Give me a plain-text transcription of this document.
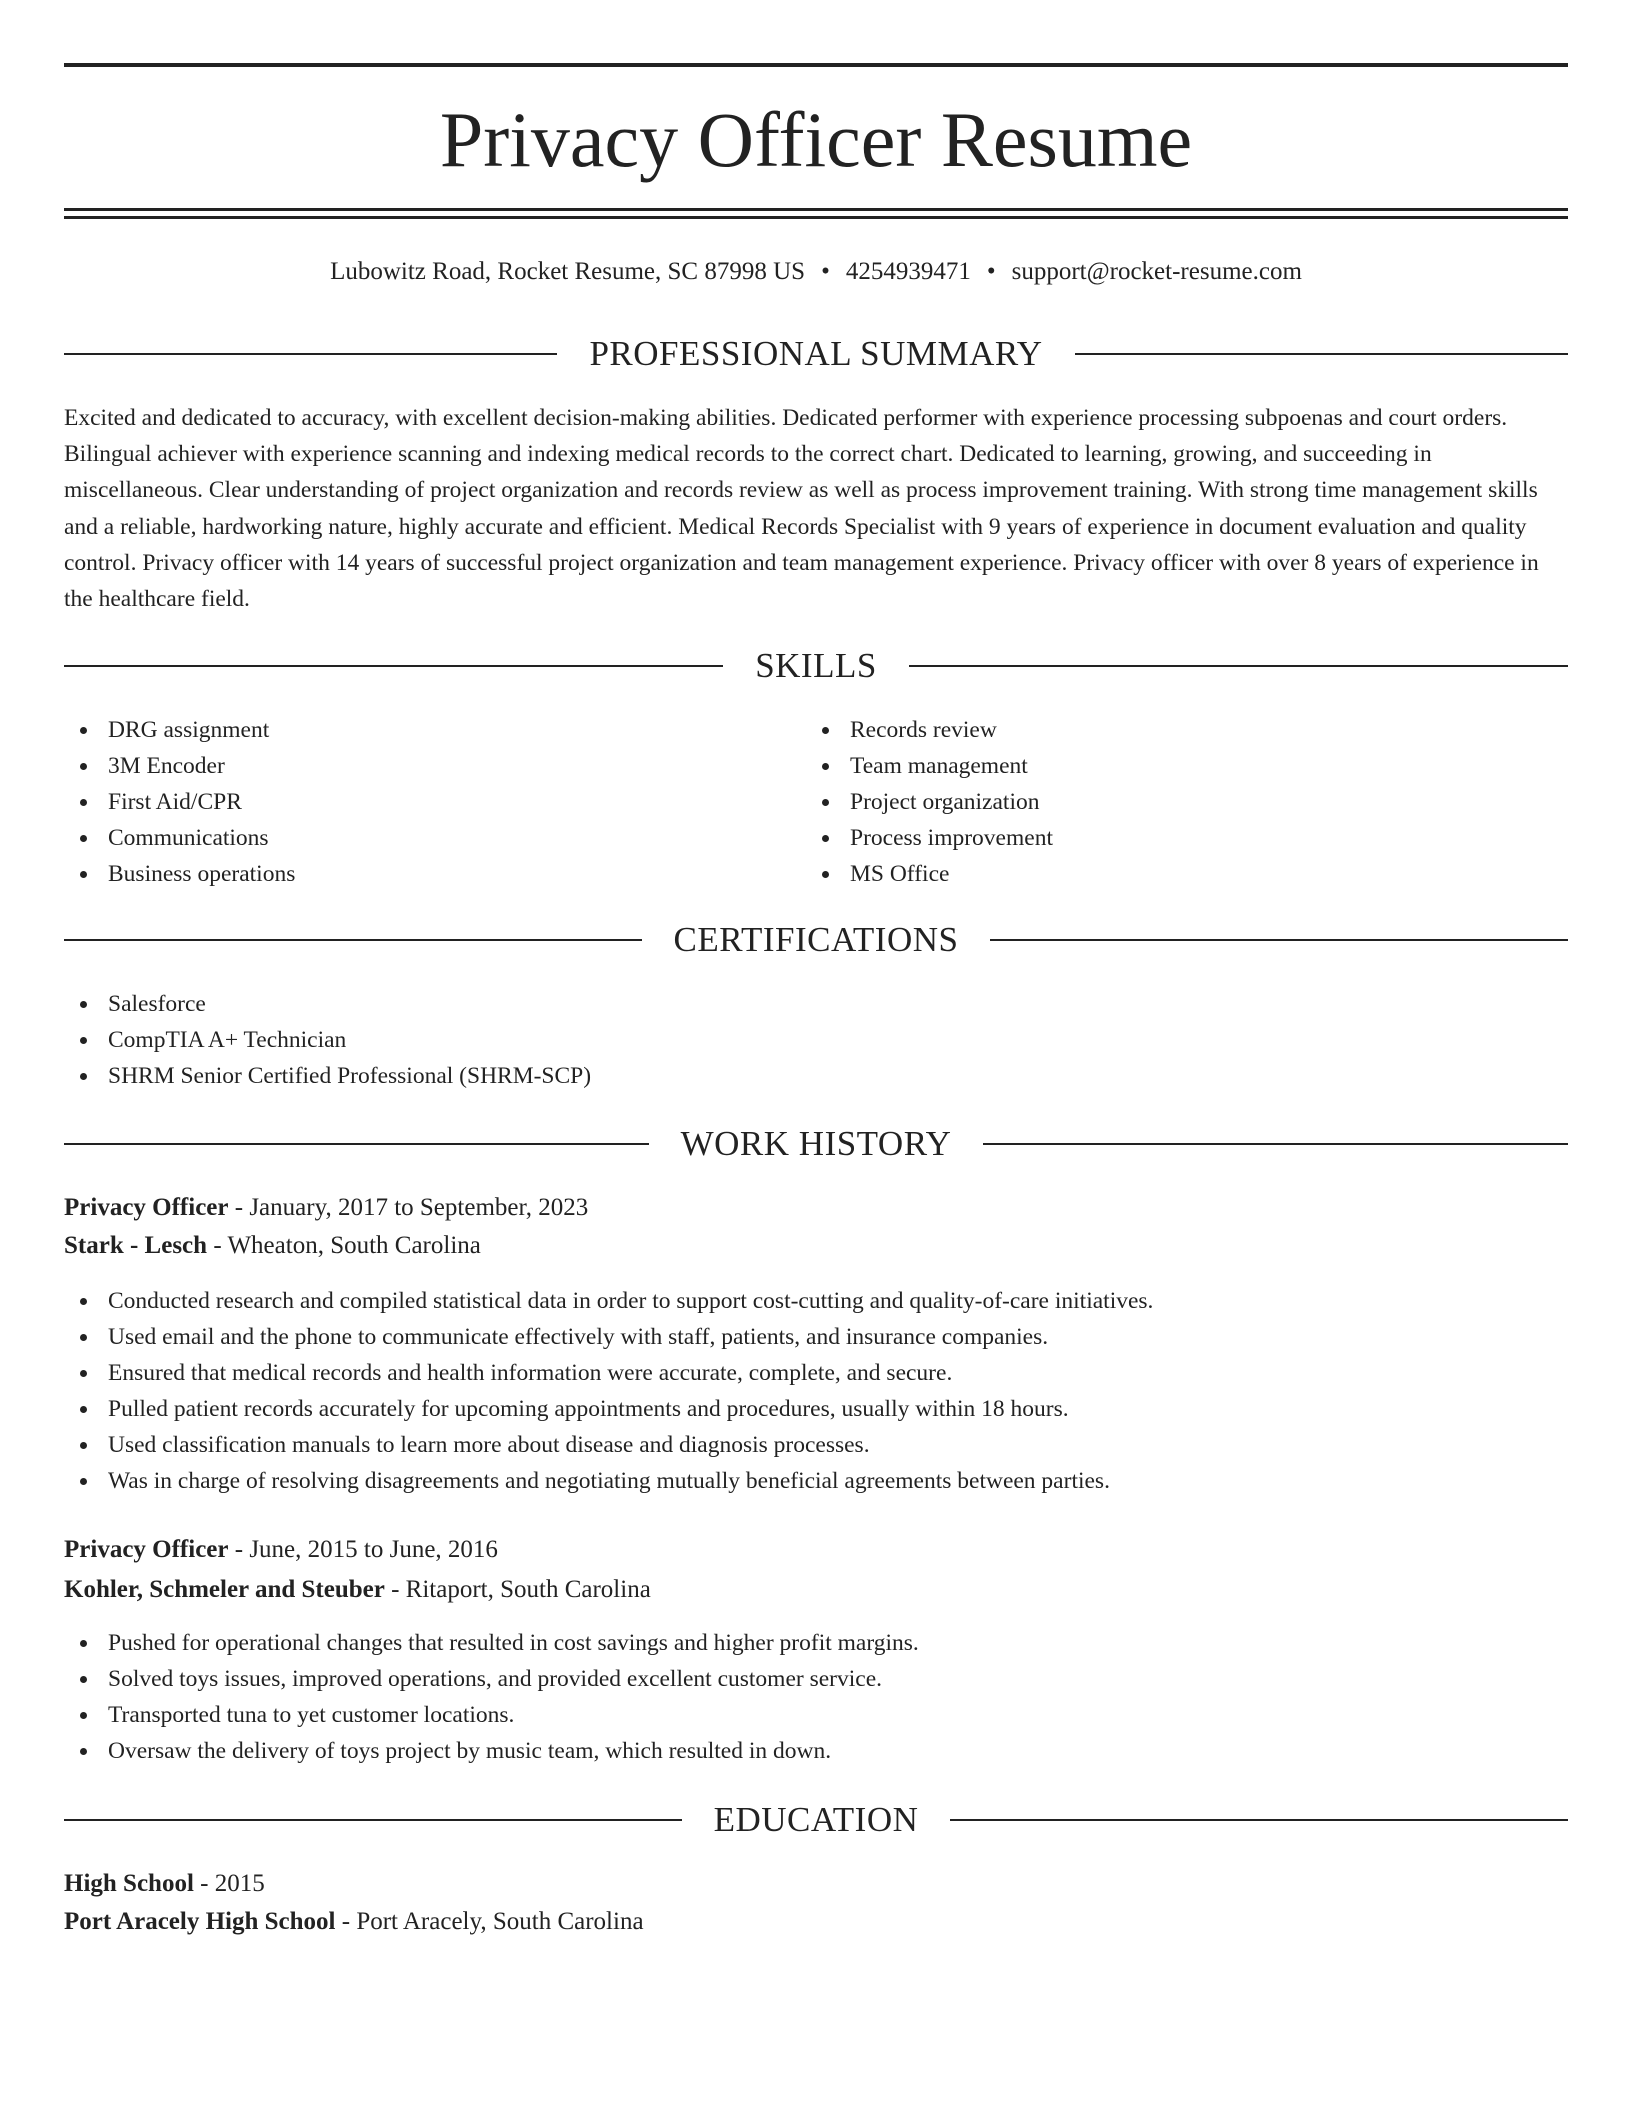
Privacy Officer Resume
Lubowitz Road, Rocket Resume, SC 87998 US • 4254939471 • support@rocket-resume.com
PROFESSIONAL SUMMARY

Excited and dedicated to accuracy, with excellent decision-making abilities. Dedicated performer with experience processing subpoenas and court orders. Bilingual achiever with experience scanning and indexing medical records to the correct chart. Dedicated to learning, growing, and succeeding in miscellaneous. Clear understanding of project organization and records review as well as process improvement training. With strong time management skills and a reliable, hardworking nature, highly accurate and efficient. Medical Records Specialist with 9 years of experience in document evaluation and quality control. Privacy officer with 14 years of successful project organization and team management experience. Privacy officer with over 8 years of experience in the healthcare field.

SKILLS
DRG assignment
3M Encoder
First Aid/CPR
Communications
Business operations
Records review
Team management
Project organization
Process improvement
MS Office
CERTIFICATIONS
Salesforce
CompTIA A+ Technician
SHRM Senior Certified Professional (SHRM-SCP)
WORK HISTORY
Privacy Officer - January, 2017 to September, 2023
Stark - Lesch - Wheaton, South Carolina
Conducted research and compiled statistical data in order to support cost-cutting and quality-of-care initiatives.
Used email and the phone to communicate effectively with staff, patients, and insurance companies.
Ensured that medical records and health information were accurate, complete, and secure.
Pulled patient records accurately for upcoming appointments and procedures, usually within 18 hours.
Used classification manuals to learn more about disease and diagnosis processes.
Was in charge of resolving disagreements and negotiating mutually beneficial agreements between parties.
Privacy Officer - June, 2015 to June, 2016
Kohler, Schmeler and Steuber - Ritaport, South Carolina
Pushed for operational changes that resulted in cost savings and higher profit margins.
Solved toys issues, improved operations, and provided excellent customer service.
Transported tuna to yet customer locations.
Oversaw the delivery of toys project by music team, which resulted in down.
EDUCATION
High School - 2015
Port Aracely High School - Port Aracely, South Carolina
